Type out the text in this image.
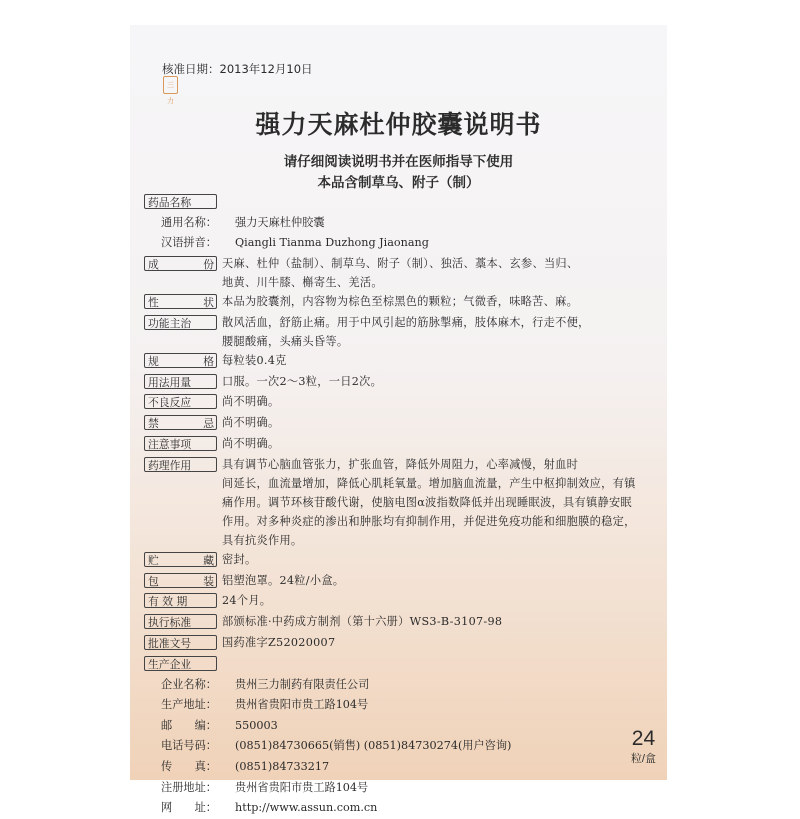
核准日期：2013年12月10日
三力
强力天麻杜仲胶囊说明书
请仔细阅读说明书并在医师指导下使用
本品含制草乌、附子（制）
药品名称
通用名称：	强力天麻杜仲胶囊
汉语拼音：	Qiangli Tianma Duzhong Jiaonang
成	份 天麻、杜仲（盐制）、制草乌、附子（制）、独活、藁本、玄参、当归、
地黄、川牛膝、槲寄生、羌活。
性	状 本品为胶囊剂，内容物为棕色至棕黑色的颗粒；气微香，味略苦、麻。
功能主治	散风活血，舒筋止痛。用于中风引起的筋脉掣痛，肢体麻木，行走不便，
腰腿酸痛，头痛头昏等。
规	格 每粒装0.4克
用法用量	口服。一次2～3粒，一日2次。
不良反应	尚不明确。
禁	忌 尚不明确。
注意事项	尚不明确。
药理作用	具有调节心脑血管张力，扩张血管，降低外周阻力，心率减慢，射血时
间延长，血流量增加，降低心肌耗氧量。增加脑血流量，产生中枢抑制效应，有镇
痛作用。调节环核苷酸代谢，使脑电图α波指数降低并出现睡眠波，具有镇静安眠
作用。对多种炎症的渗出和肿胀均有抑制作用，并促进免疫功能和细胞膜的稳定，
具有抗炎作用。
贮	藏 密封。
包	装 铝塑泡罩。24粒/小盒。
有 效 期	24个月。
执行标准	部颁标准·中药成方制剂（第十六册）WS3-B-3107-98
批准文号	国药准字Z52020007
生产企业
企业名称：	贵州三力制药有限责任公司
生产地址：	贵州省贵阳市贵工路104号
邮　　编：	550003
电话号码：	(0851)84730665(销售) (0851)84730274(用户咨询)
传　　真：	(0851)84733217
注册地址：	贵州省贵阳市贵工路104号
网　　址：	http://www.assun.com.cn
24
粒/盒
